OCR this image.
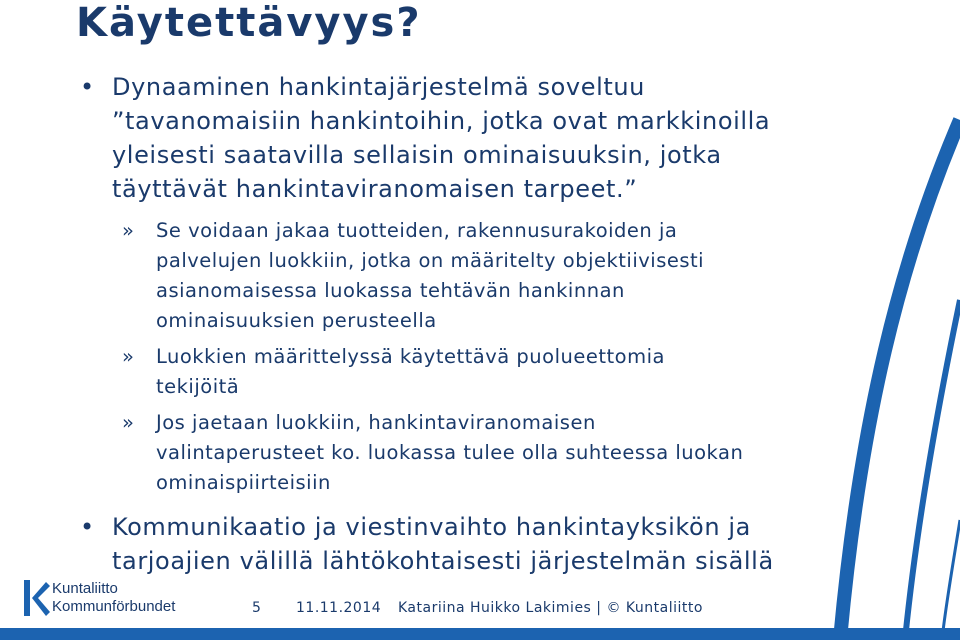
Käytettävyys?
• Dynaaminen hankintajärjestelmä soveltuu
”tavanomaisiin hankintoihin, jotka ovat markkinoilla
yleisesti saatavilla sellaisin ominaisuuksin, jotka
täyttävät hankintaviranomaisen tarpeet.”
» Se voidaan jakaa tuotteiden, rakennusurakoiden ja
palvelujen luokkiin, jotka on määritelty objektiivisesti
asianomaisessa luokassa tehtävän hankinnan
ominaisuuksien perusteella
» Luokkien määrittelyssä käytettävä puolueettomia
tekijöitä
» Jos jaetaan luokkiin, hankintaviranomaisen
valintaperusteet ko. luokassa tulee olla suhteessa luokan
ominaispiirteisiin
• Kommunikaatio ja viestinvaihto hankintayksikön ja
tarjoajien välillä lähtökohtaisesti järjestelmän sisällä
Kuntaliitto
Kommunförbundet	5 11.11.2014 Katariina Huikko Lakimies | © Kuntaliitto
